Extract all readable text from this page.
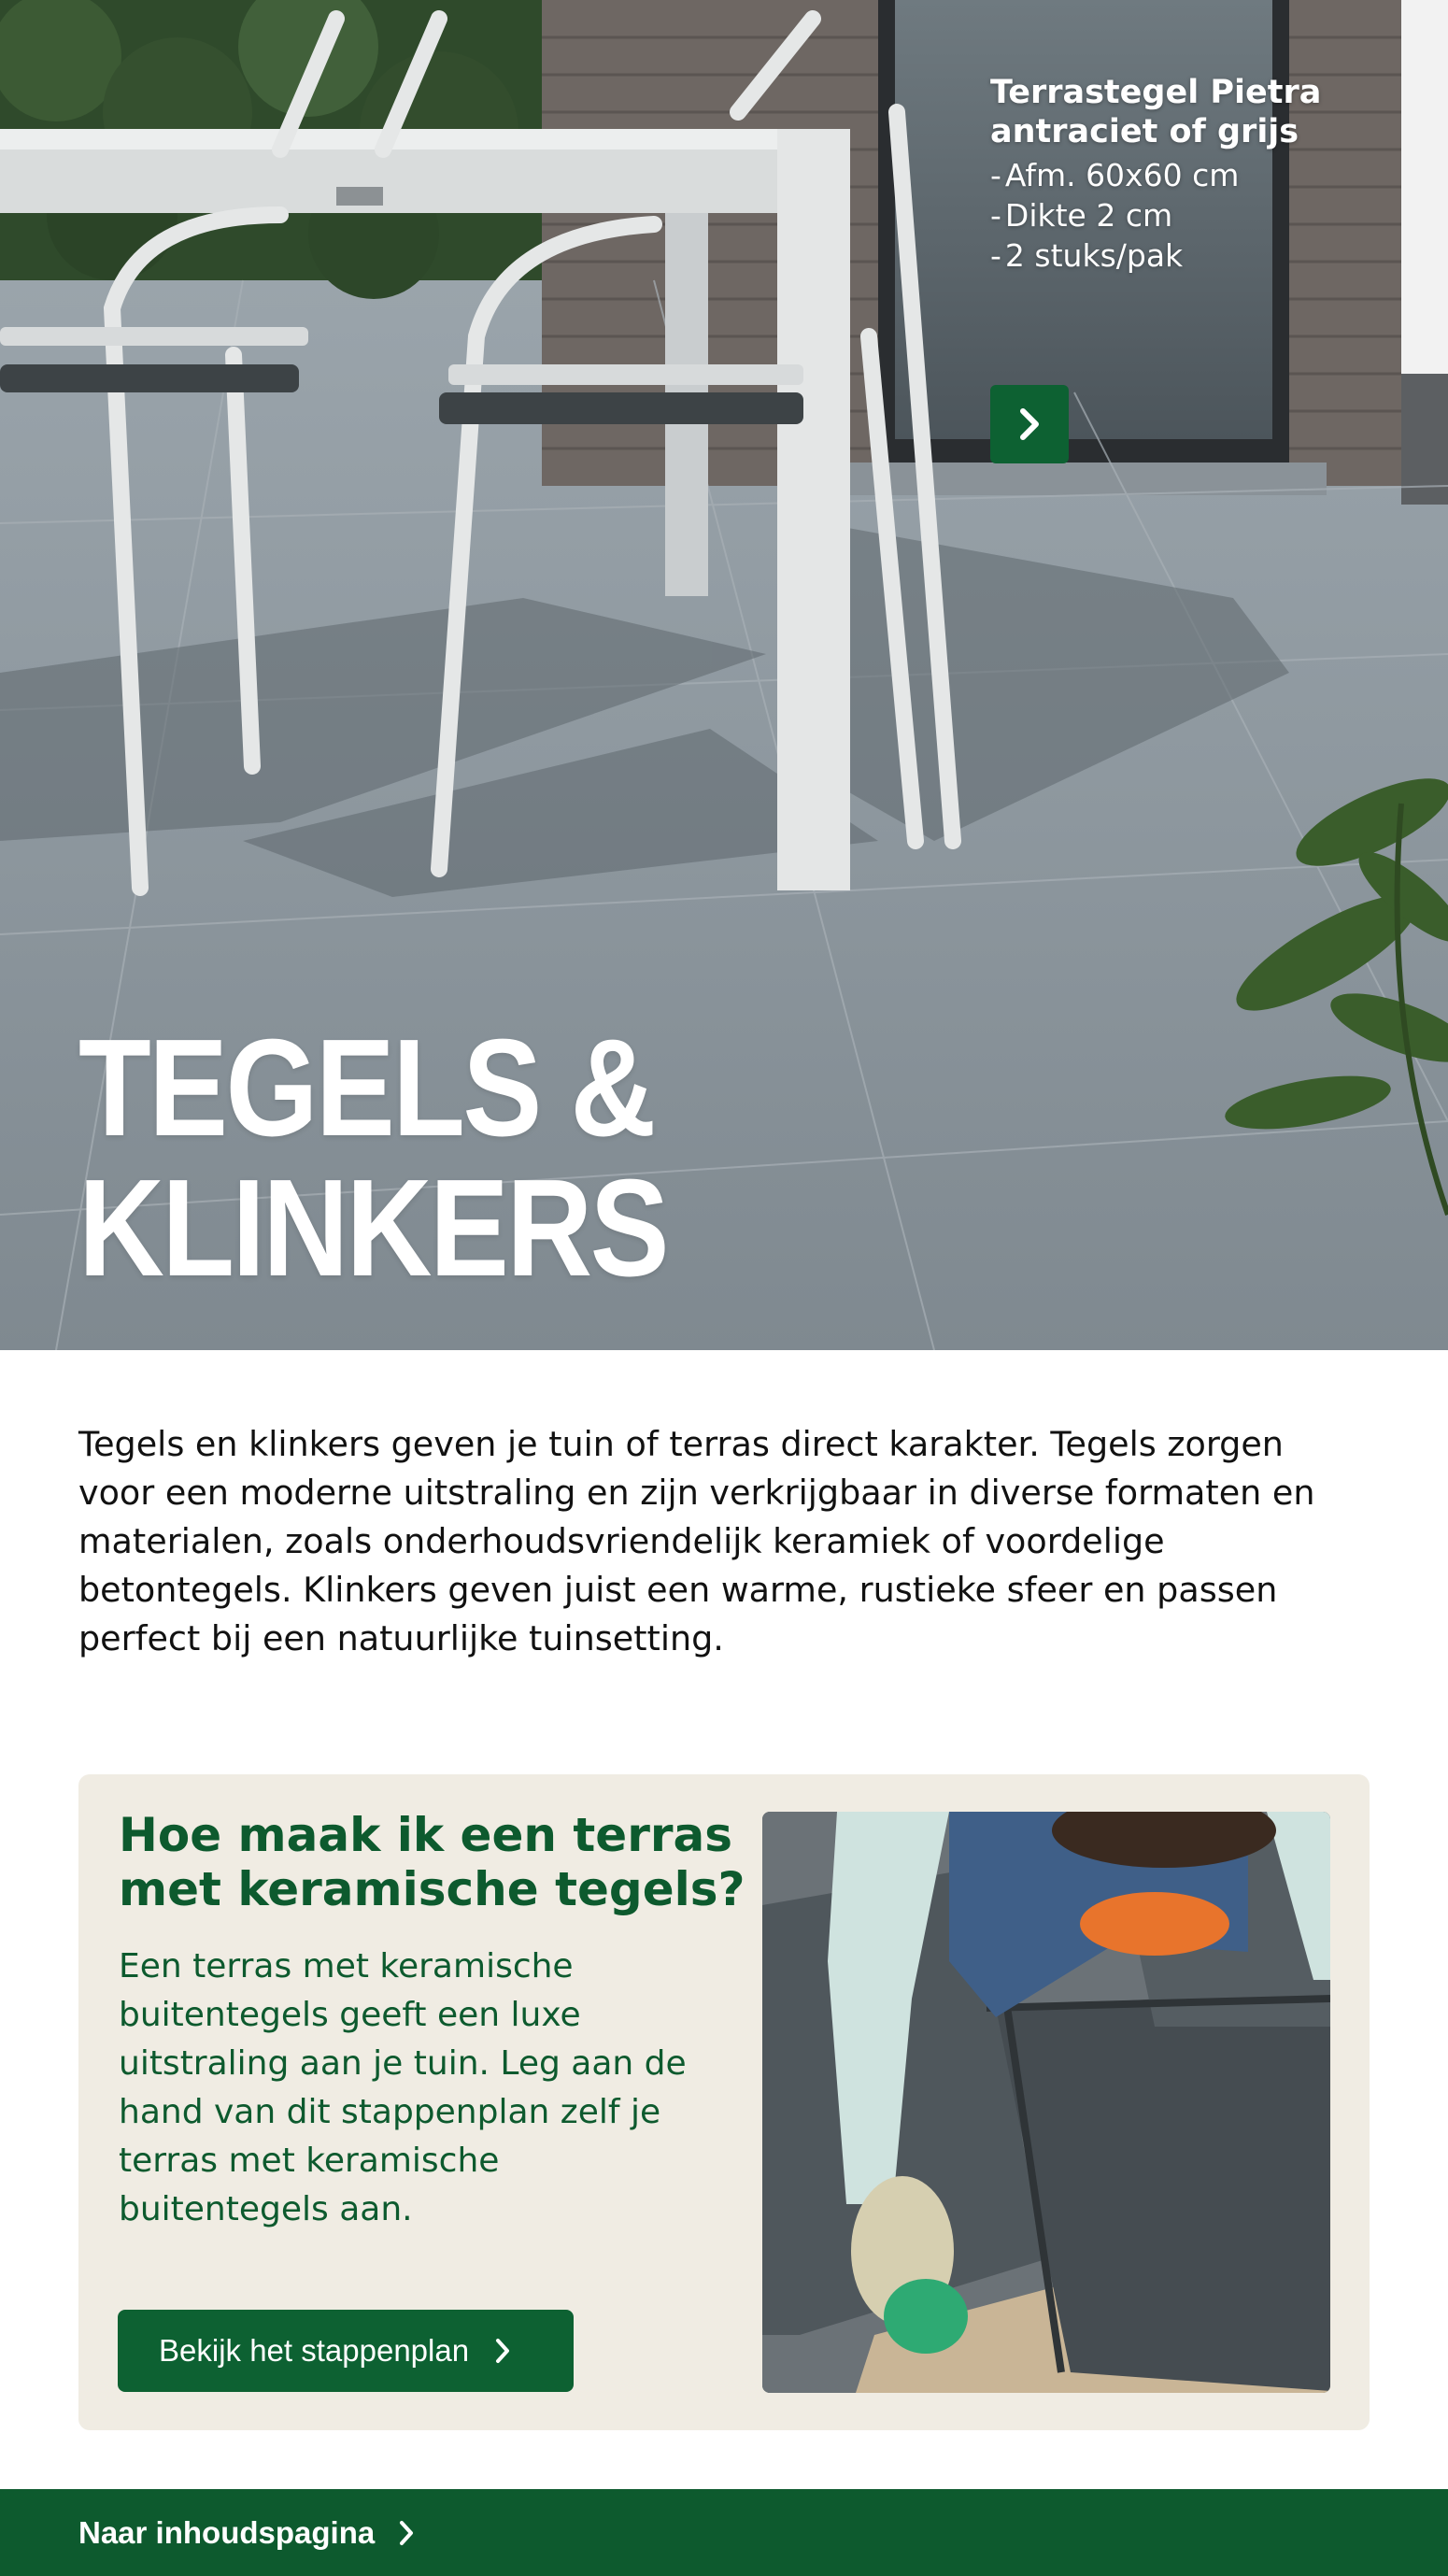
Terrastegel Pietra antraciet of grijs
- Afm. 60x60 cm
- Dikte 2 cm
- 2 stuks/pak
TEGELS &
KLINKERS

Tegels en klinkers geven je tuin of terras direct karakter. Tegels zorgen voor een moderne uitstraling en zijn verkrijgbaar in diverse formaten en materialen, zoals onderhoudsvriendelijk keramiek of voordelige betontegels. Klinkers geven juist een warme, rustieke sfeer en passen perfect bij een natuurlijke tuinsetting.

Hoe maak ik een terras met keramische tegels?

Een terras met keramische buitentegels geeft een luxe uitstraling aan je tuin. Leg aan de hand van dit stappenplan zelf je terras met keramische buitentegels aan.

Bekijk het stappenplan
Naar inhoudspagina
